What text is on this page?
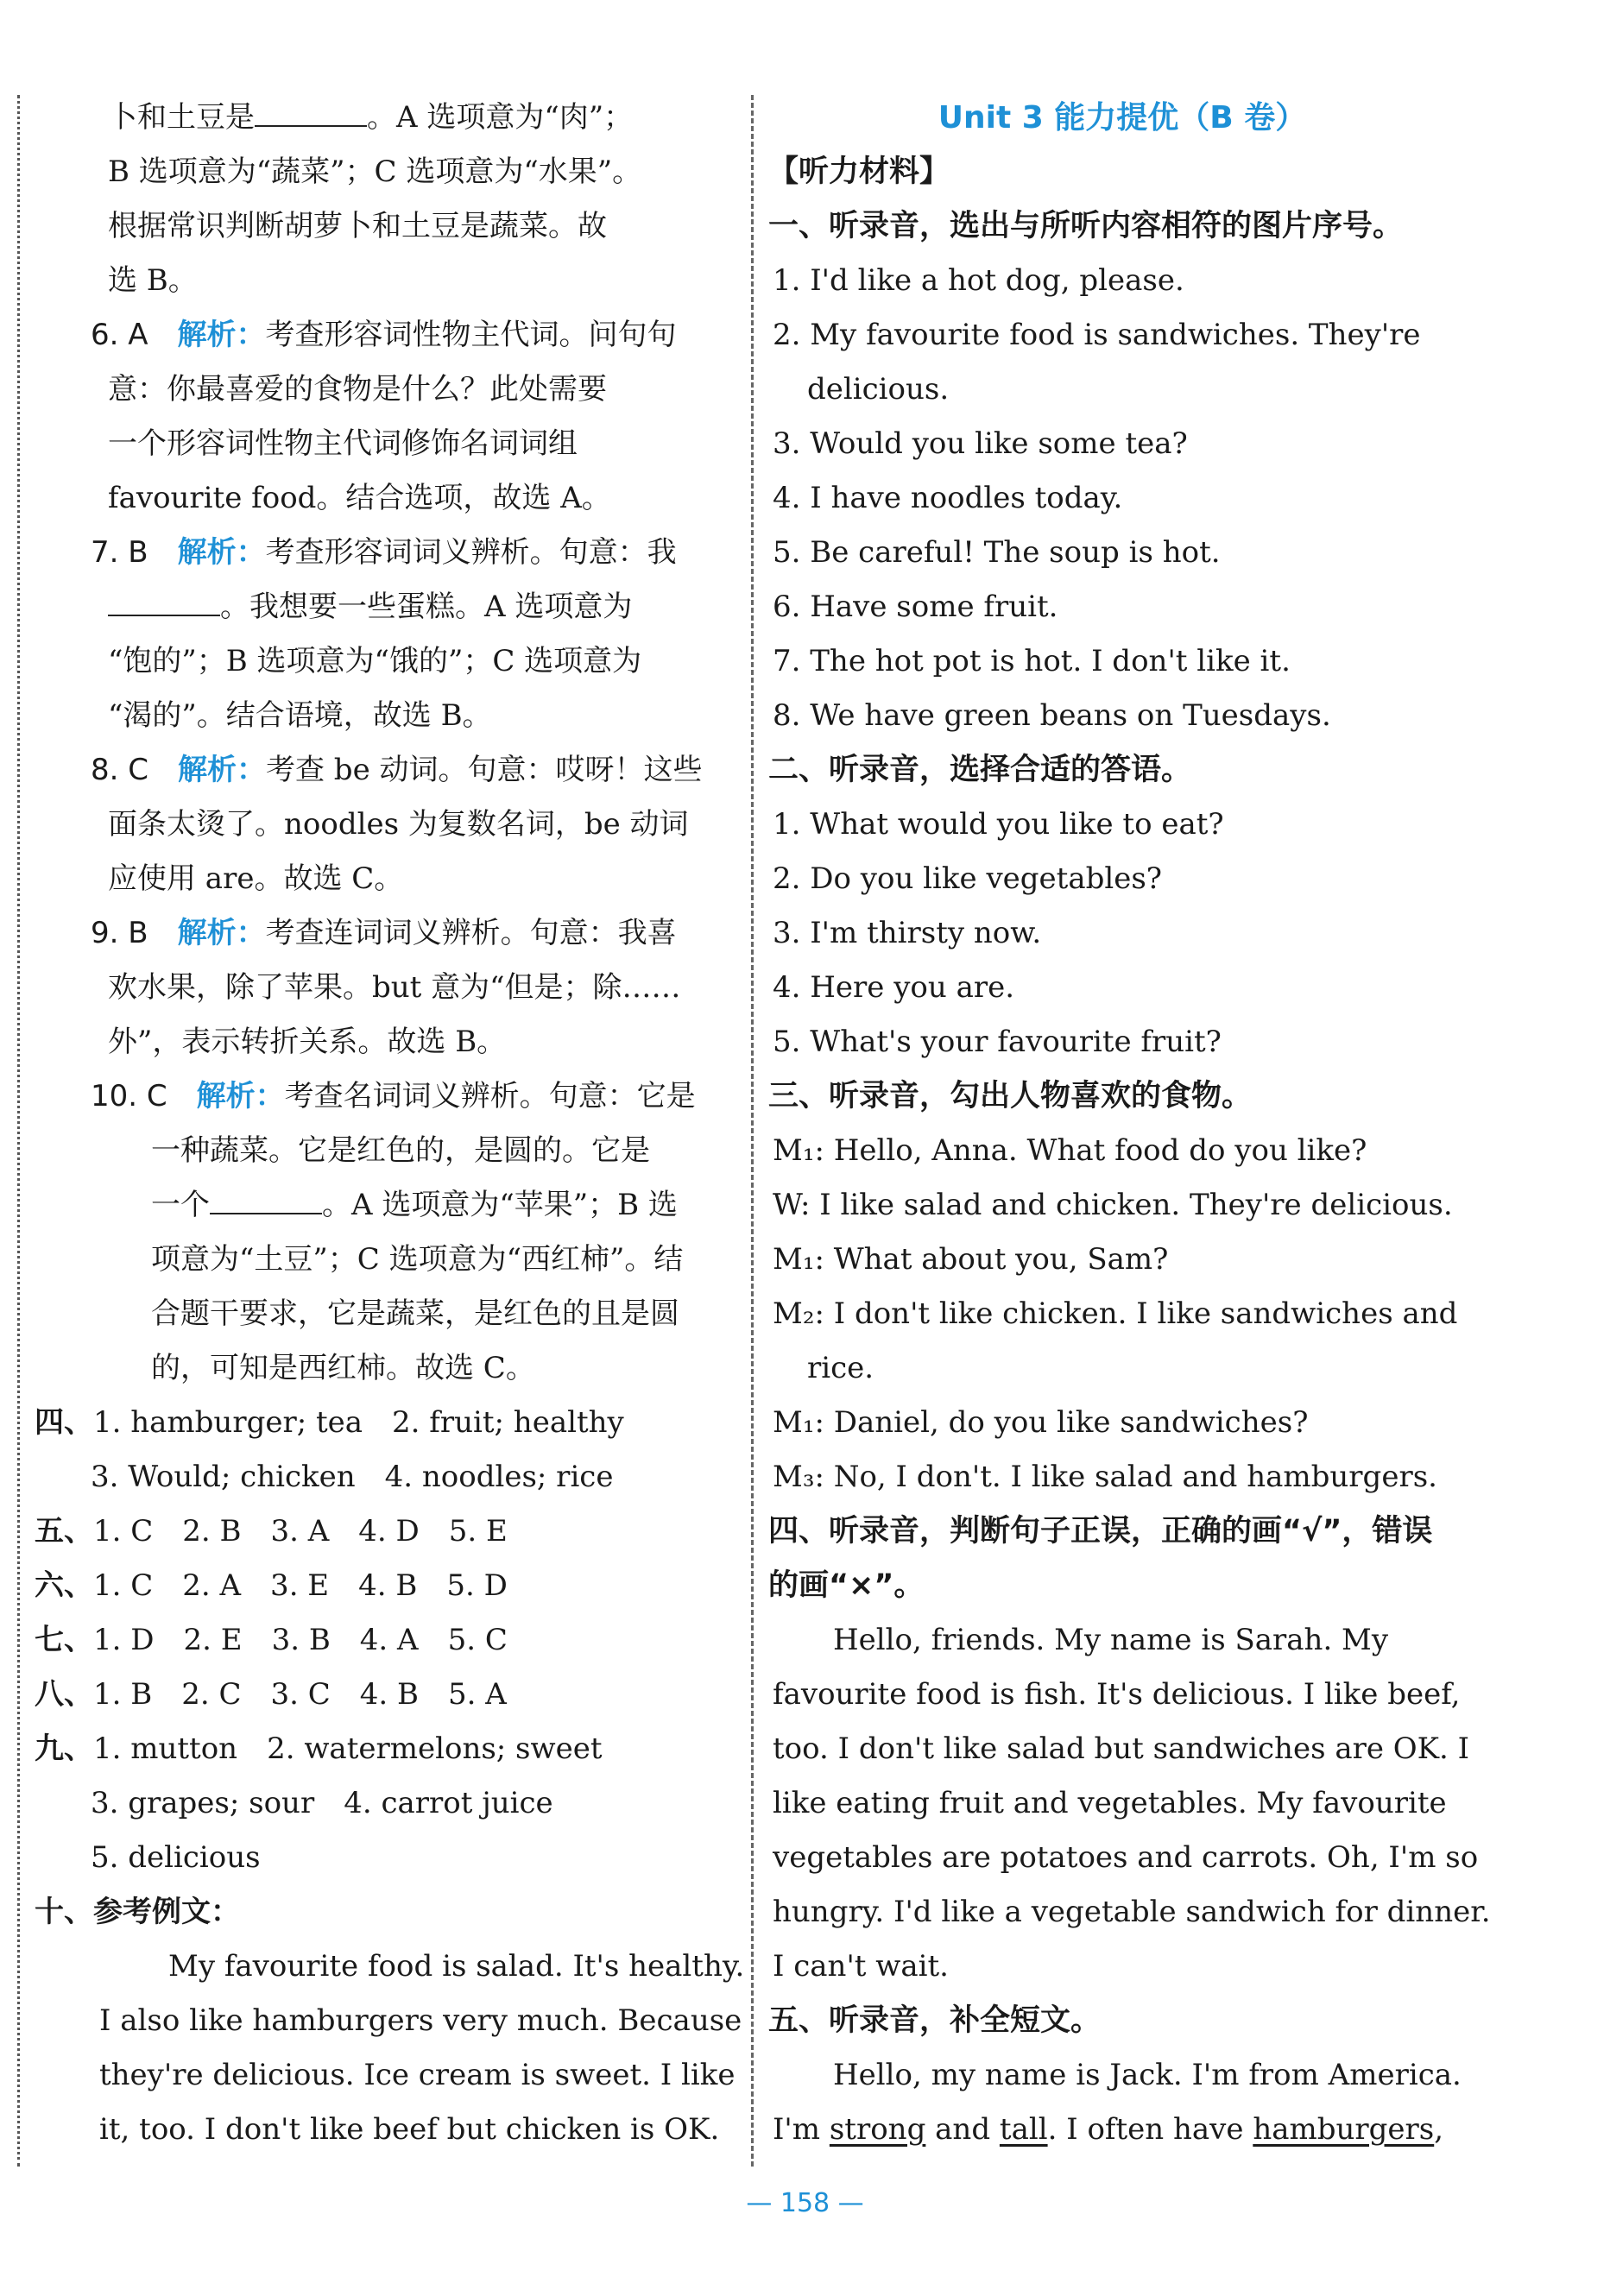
卜和土豆是	。A 选项意为“肉”；
B 选项意为“蔬菜”；C 选项意为“水果”。
根据常识判断胡萝卜和土豆是蔬菜。故
选 B。
6. A　 解析：考查形容词性物主代词。问句句
意：你最喜爱的食物是什么？此处需要
一个形容词性物主代词修饰名词词组
favourite food。结合选项，故选 A。
7. B　 解析：考查形容词词义辨析。句意：我
。我想要一些蛋糕。A 选项意为
“饱的”；B 选项意为“饿的”；C 选项意为
“渴的”。结合语境，故选 B。
8. C　 解析：考查 be 动词。句意：哎呀！这些
面条太烫了。noodles 为复数名词，be 动词
应使用 are。故选 C。
9. B　 解析：考查连词词义辨析。句意：我喜
欢水果，除了苹果。but 意为“但是；除……
外”，表示转折关系。故选 B。
10. C　 解析：考查名词词义辨析。句意：它是
一种蔬菜。它是红色的，是圆的。它是
一个	。A 选项意为“苹果”；B 选
项意为“土豆”；C 选项意为“西红柿”。结
合题干要求，它是蔬菜，是红色的且是圆
的，可知是西红柿。故选 C。
四、1. hamburger; tea　2. fruit; healthy
3. Would; chicken　4. noodles; rice
五、1. C　2. B　3. A　4. D　5. E
六、1. C　2. A　3. E　4. B　5. D
七、1. D　2. E　3. B　4. A　5. C
八、1. B　2. C　3. C　4. B　5. A
九、1. mutton　2. watermelons; sweet
3. grapes; sour　4. carrot juice
5. delicious
十、参考例文：
My favourite food is salad. It's healthy.
I also like hamburgers very much. Because
they're delicious. Ice cream is sweet. I like
it, too. I don't like beef but chicken is OK.
Unit 3 能力提优（B 卷）
【听力材料】
一、听录音，选出与所听内容相符的图片序号。
1. I'd like a hot dog, please.
2. My favourite food is sandwiches. They're
delicious.
3. Would you like some tea?
4. I have noodles today.
5. Be careful! The soup is hot.
6. Have some fruit.
7. The hot pot is hot. I don't like it.
8. We have green beans on Tuesdays.
二、听录音，选择合适的答语。
1. What would you like to eat?
2. Do you like vegetables?
3. I'm thirsty now.
4. Here you are.
5. What's your favourite fruit?
三、听录音，勾出人物喜欢的食物。
M₁: Hello, Anna. What food do you like?
W: I like salad and chicken. They're delicious.
M₁: What about you, Sam?
M₂: I don't like chicken. I like sandwiches and
rice.
M₁: Daniel, do you like sandwiches?
M₃: No, I don't. I like salad and hamburgers.
四、听录音，判断句子正误，正确的画“√”，错误
的画“×”。
Hello, friends. My name is Sarah. My
favourite food is fish. It's delicious. I like beef,
too. I don't like salad but sandwiches are OK. I
like eating fruit and vegetables. My favourite
vegetables are potatoes and carrots. Oh, I'm so
hungry. I'd like a vegetable sandwich for dinner.
I can't wait.
五、听录音，补全短文。
Hello, my name is Jack. I'm from America.
I'm strong and tall. I often have hamburgers,
— 158 —
